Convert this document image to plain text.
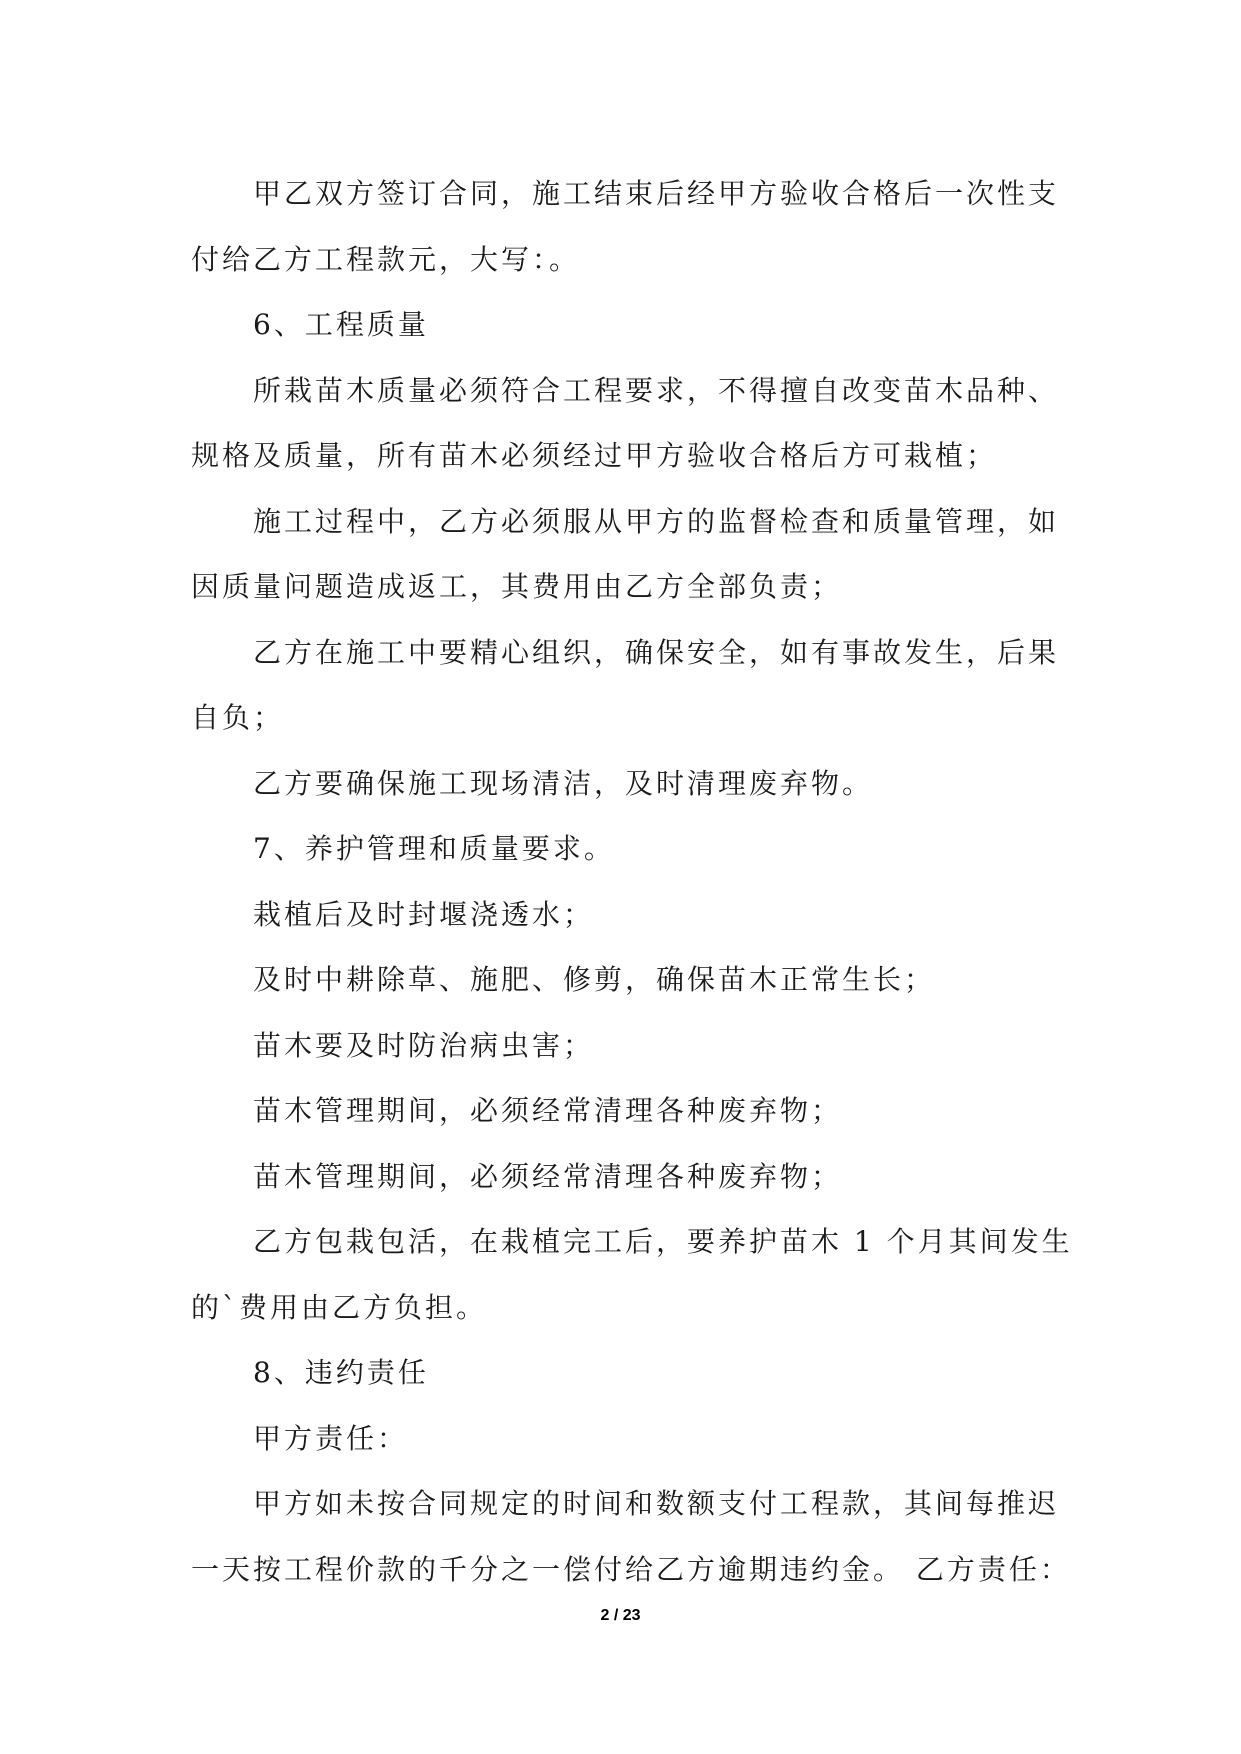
甲乙双方签订合同，施工结束后经甲方验收合格后一次性支
付给乙方工程款元，大写：。
6、工程质量
所栽苗木质量必须符合工程要求，不得擅自改变苗木品种、
规格及质量，所有苗木必须经过甲方验收合格后方可栽植；
施工过程中，乙方必须服从甲方的监督检查和质量管理，如
因质量问题造成返工，其费用由乙方全部负责；
乙方在施工中要精心组织，确保安全，如有事故发生，后果
自负；
乙方要确保施工现场清洁，及时清理废弃物。
7、养护管理和质量要求。
栽植后及时封堰浇透水；
及时中耕除草、施肥、修剪，确保苗木正常生长；
苗木要及时防治病虫害；
苗木管理期间，必须经常清理各种废弃物；
苗木管理期间，必须经常清理各种废弃物；
乙方包栽包活，在栽植完工后，要养护苗木 1 个月其间发生
的`费用由乙方负担。
8、违约责任
甲方责任：
甲方如未按合同规定的时间和数额支付工程款，其间每推迟
一天按工程价款的千分之一偿付给乙方逾期违约金。 乙方责任：
2 / 23
